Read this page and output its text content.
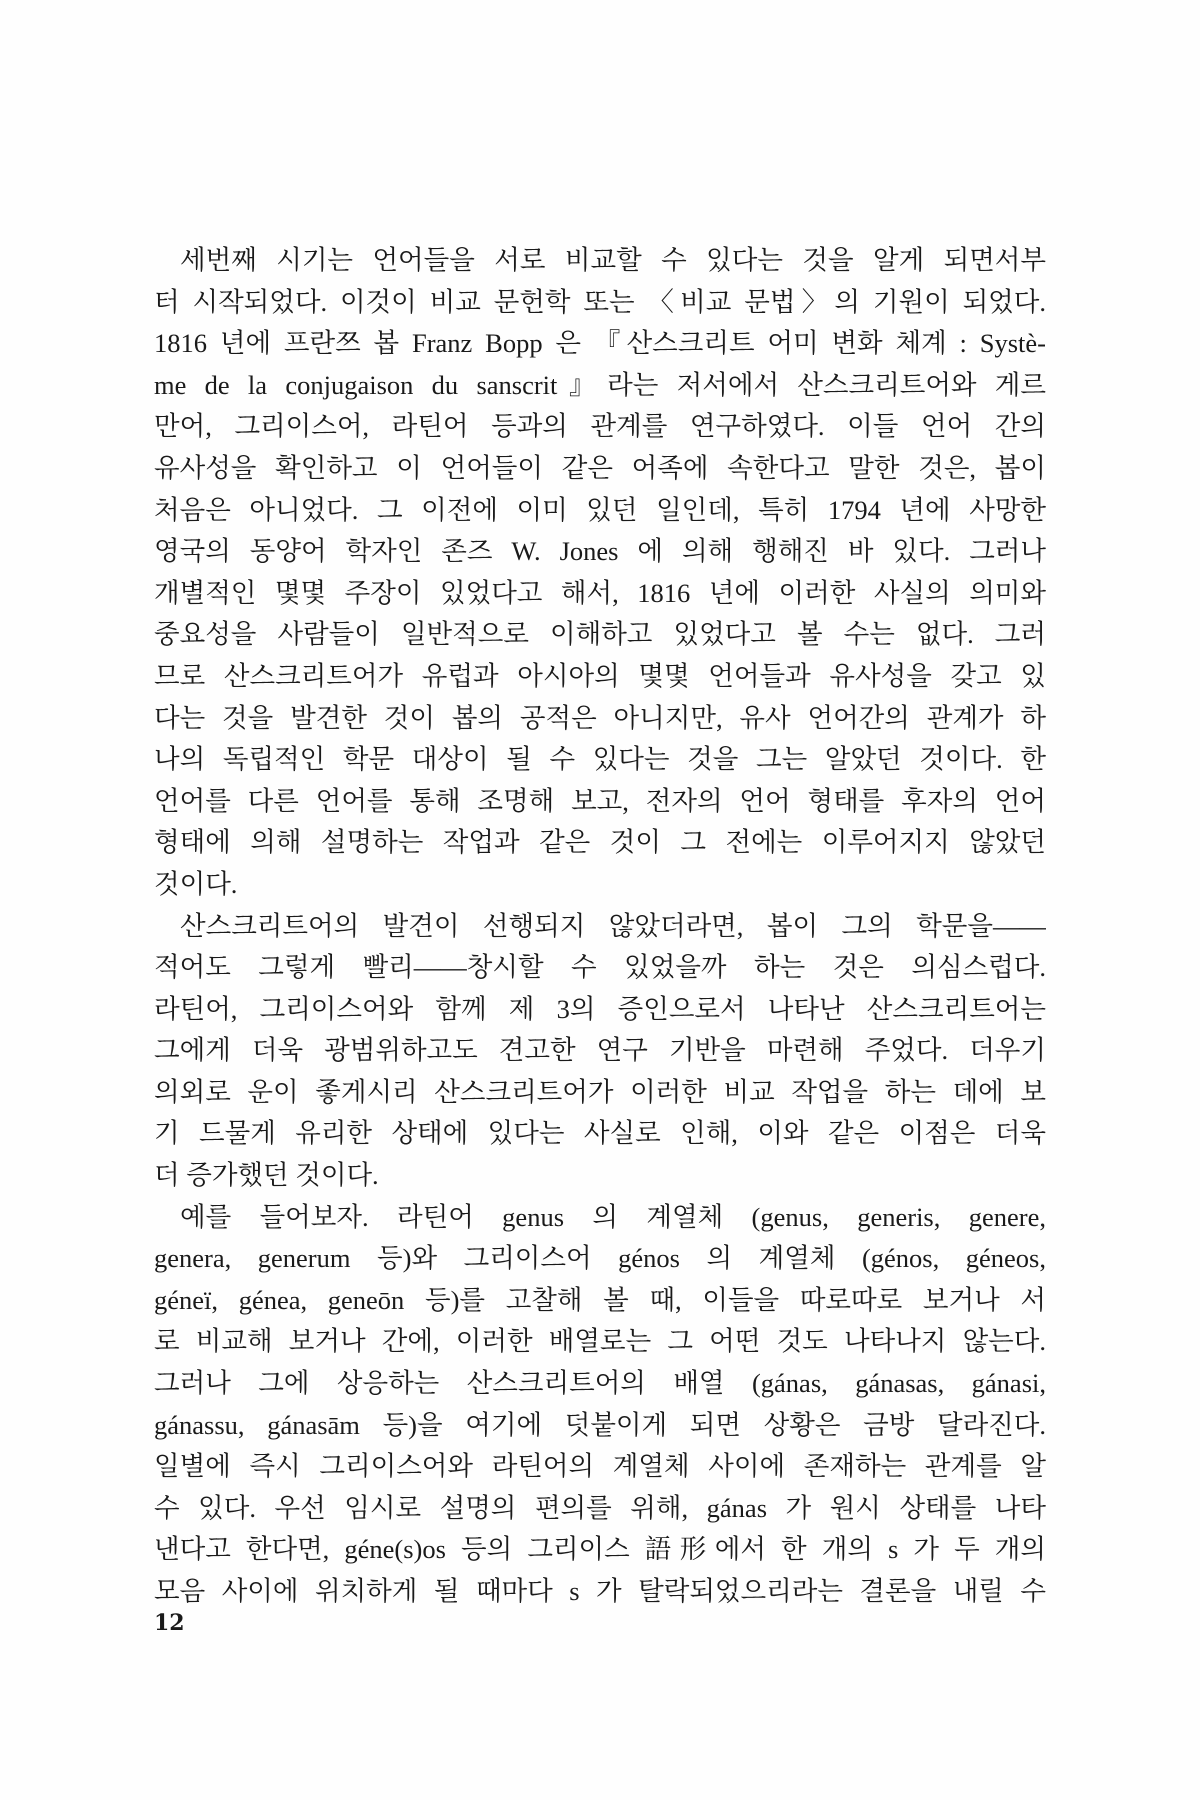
세번째 시기는 언어들을 서로 비교할 수 있다는 것을 알게 되면서부
터 시작되었다. 이것이 비교 문헌학 또는 〈비교 문법〉의 기원이 되었다.
1816 년에 프란쯔 봅 Franz Bopp 은 『산스크리트 어미 변화 체계 : Systè-
me de la conjugaison du sanscrit』라는 저서에서 산스크리트어와 게르
만어, 그리이스어, 라틴어 등과의 관계를 연구하였다. 이들 언어 간의
유사성을 확인하고 이 언어들이 같은 어족에 속한다고 말한 것은, 봅이
처음은 아니었다. 그 이전에 이미 있던 일인데, 특히 1794 년에 사망한
영국의 동양어 학자인 존즈 W. Jones 에 의해 행해진 바 있다. 그러나
개별적인 몇몇 주장이 있었다고 해서, 1816 년에 이러한 사실의 의미와
중요성을 사람들이 일반적으로 이해하고 있었다고 볼 수는 없다. 그러
므로 산스크리트어가 유럽과 아시아의 몇몇 언어들과 유사성을 갖고 있
다는 것을 발견한 것이 봅의 공적은 아니지만, 유사 언어간의 관계가 하
나의 독립적인 학문 대상이 될 수 있다는 것을 그는 알았던 것이다. 한
언어를 다른 언어를 통해 조명해 보고, 전자의 언어 형태를 후자의 언어
형태에 의해 설명하는 작업과 같은 것이 그 전에는 이루어지지 않았던
것이다.

산스크리트어의 발견이 선행되지 않았더라면, 봅이 그의 학문을——
적어도 그렇게 빨리——창시할 수 있었을까 하는 것은 의심스럽다.
라틴어, 그리이스어와 함께 제 3의 증인으로서 나타난 산스크리트어는
그에게 더욱 광범위하고도 견고한 연구 기반을 마련해 주었다. 더우기
의외로 운이 좋게시리 산스크리트어가 이러한 비교 작업을 하는 데에 보
기 드물게 유리한 상태에 있다는 사실로 인해, 이와 같은 이점은 더욱
더 증가했던 것이다.

예를 들어보자. 라틴어 genus 의 계열체 (genus, generis, genere,
genera, generum 등)와 그리이스어 génos 의 계열체 (génos, géneos,
géneï, génea, geneōn 등)를 고찰해 볼 때, 이들을 따로따로 보거나 서
로 비교해 보거나 간에, 이러한 배열로는 그 어떤 것도 나타나지 않는다.
그러나 그에 상응하는 산스크리트어의 배열 (gánas, gánasas, gánasi,
gánassu, gánasām 등)을 여기에 덧붙이게 되면 상황은 금방 달라진다.
일별에 즉시 그리이스어와 라틴어의 계열체 사이에 존재하는 관계를 알
수 있다. 우선 임시로 설명의 편의를 위해, gánas 가 원시 상태를 나타
낸다고 한다면, géne(s)os 등의 그리이스 語形에서 한 개의 s 가 두 개의
모음 사이에 위치하게 될 때마다 s 가 탈락되었으리라는 결론을 내릴 수

12
